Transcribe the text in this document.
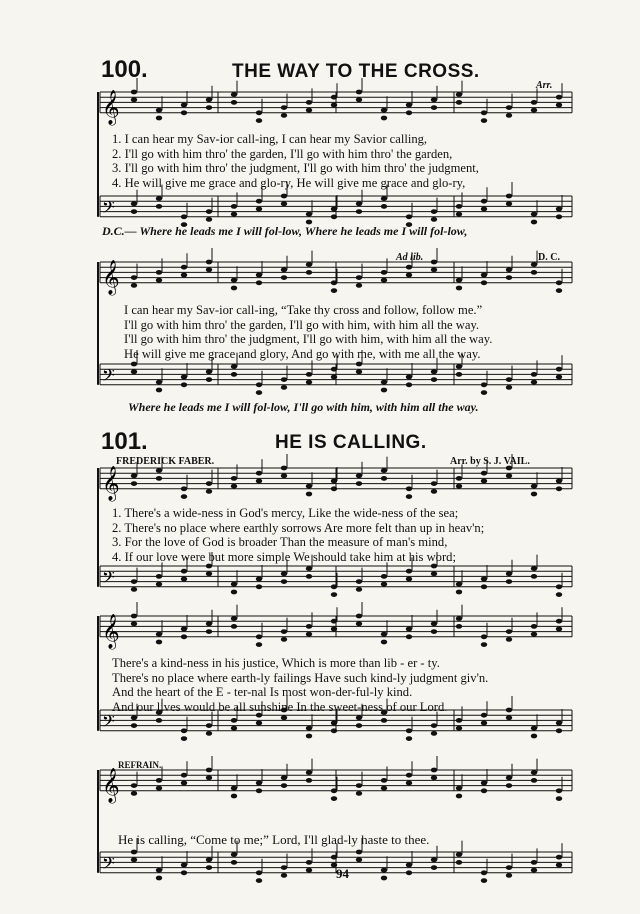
100.	THE WAY TO THE CROSS.
Arr.
𝄞
𝄢
𝄞
𝄢
𝄞
𝄢
𝄞
𝄢
𝄞
𝄢
1. I can hear my Sav-ior call-ing, I can hear my Savior calling,
2. I'll go with him thro' the garden, I'll go with him thro' the garden,
3. I'll go with him thro' the judgment, I'll go with him thro' the judgment,
4. He will give me grace and glo-ry, He will give me grace and glo-ry,
D.C.— Where he leads me I will fol-low, Where he leads me I will fol-low,
Ad lib.	D. C.
I can hear my Sav-ior call-ing, “Take thy cross and follow, follow me.”
I'll go with him thro' the garden, I'll go with him, with him all the way.
I'll go with him thro' the judgment, I'll go with him, with him all the way.
He will give me grace and glory, And go with me, with me all the way.
Where he leads me I will fol-low, I'll go with him, with him all the way.
101.	HE IS CALLING.
FREDERICK FABER.	Arr. by S. J. VAIL.
1. There's a wide-ness in God's mercy, Like the wide-ness of the sea;
2. There's no place where earthly sorrows Are more felt than up in heav'n;
3. For the love of God is broader Than the measure of man's mind,
4. If our love were but more simple We should take him at his word;
There's a kind-ness in his justice, Which is more than lib - er - ty.
There's no place where earth-ly failings Have such kind-ly judgment giv'n.
And the heart of the E - ter-nal Is most won-der-ful-ly kind.
And our lives would be all sunshine In the sweet-ness of our Lord.
REFRAIN.
He is calling, “Come to me;” Lord, I'll glad-ly haste to thee.
94
